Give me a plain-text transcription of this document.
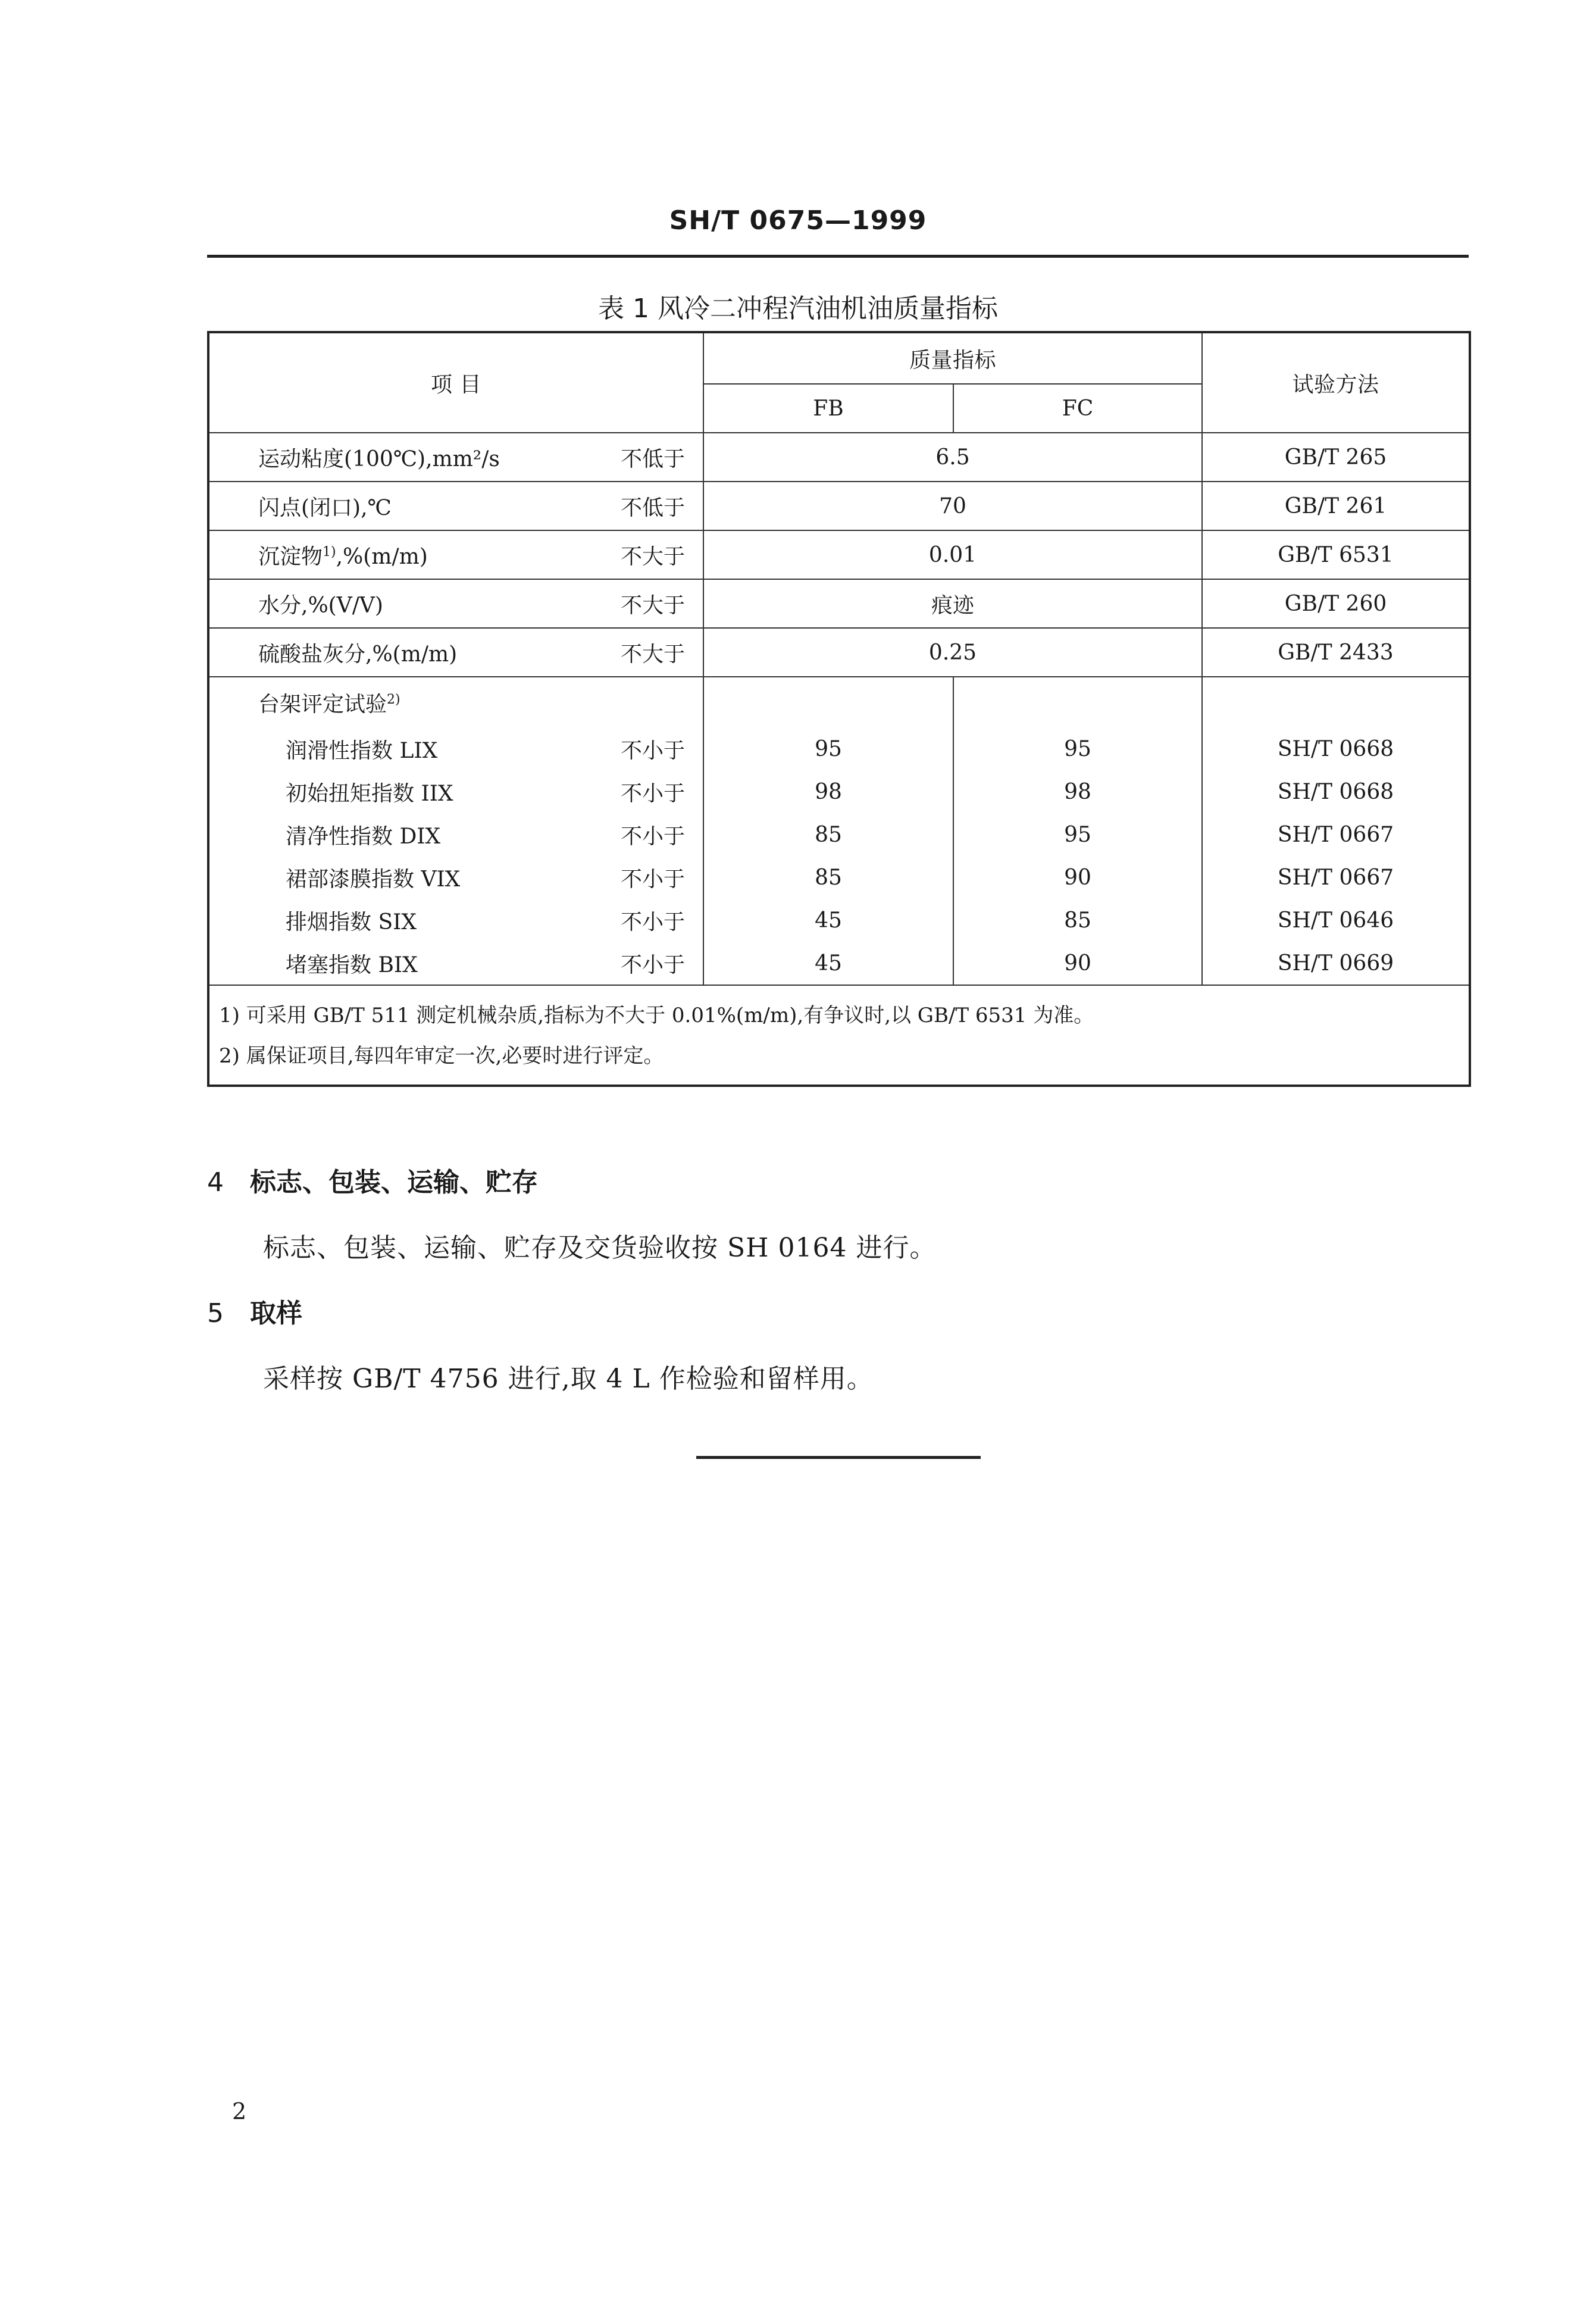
SH/T 0675—1999
表 1 风冷二冲程汽油机油质量指标
项 目	质量指标		试验方法
	FB	FC	

运动粘度(100℃),mm²/s 不低于	6.5		GB/T 265

闪点(闭口),℃ 不低于	70		GB/T 261

沉淀物$^{1)}$,%(m/m) 不大于	0.01		GB/T 6531

水分,%(V/V) 不大于	痕迹		GB/T 260

硫酸盐灰分,%(m/m) 不大于	0.25		GB/T 2433

台架评定试验$^{2)}$

润滑性指数 LIX 不小于	95	95	SH/T 0668

初始扭矩指数 IIX 不小于	98	98	SH/T 0668

清净性指数 DIX 不小于	85	95	SH/T 0667

裙部漆膜指数 VIX 不小于	85	90	SH/T 0667

排烟指数 SIX 不小于	45	85	SH/T 0646

堵塞指数 BIX 不小于	45	90	SH/T 0669

1) 可采用 GB/T 511 测定机械杂质,指标为不大于 0.01%(m/m),有争议时,以 GB/T 6531 为准。
2) 属保证项目,每四年审定一次,必要时进行评定。			
4 标志、包装、运输、贮存
标志、包装、运输、贮存及交货验收按 SH 0164 进行。
5 取样
采样按 GB/T 4756 进行,取 4 L 作检验和留样用。
2
